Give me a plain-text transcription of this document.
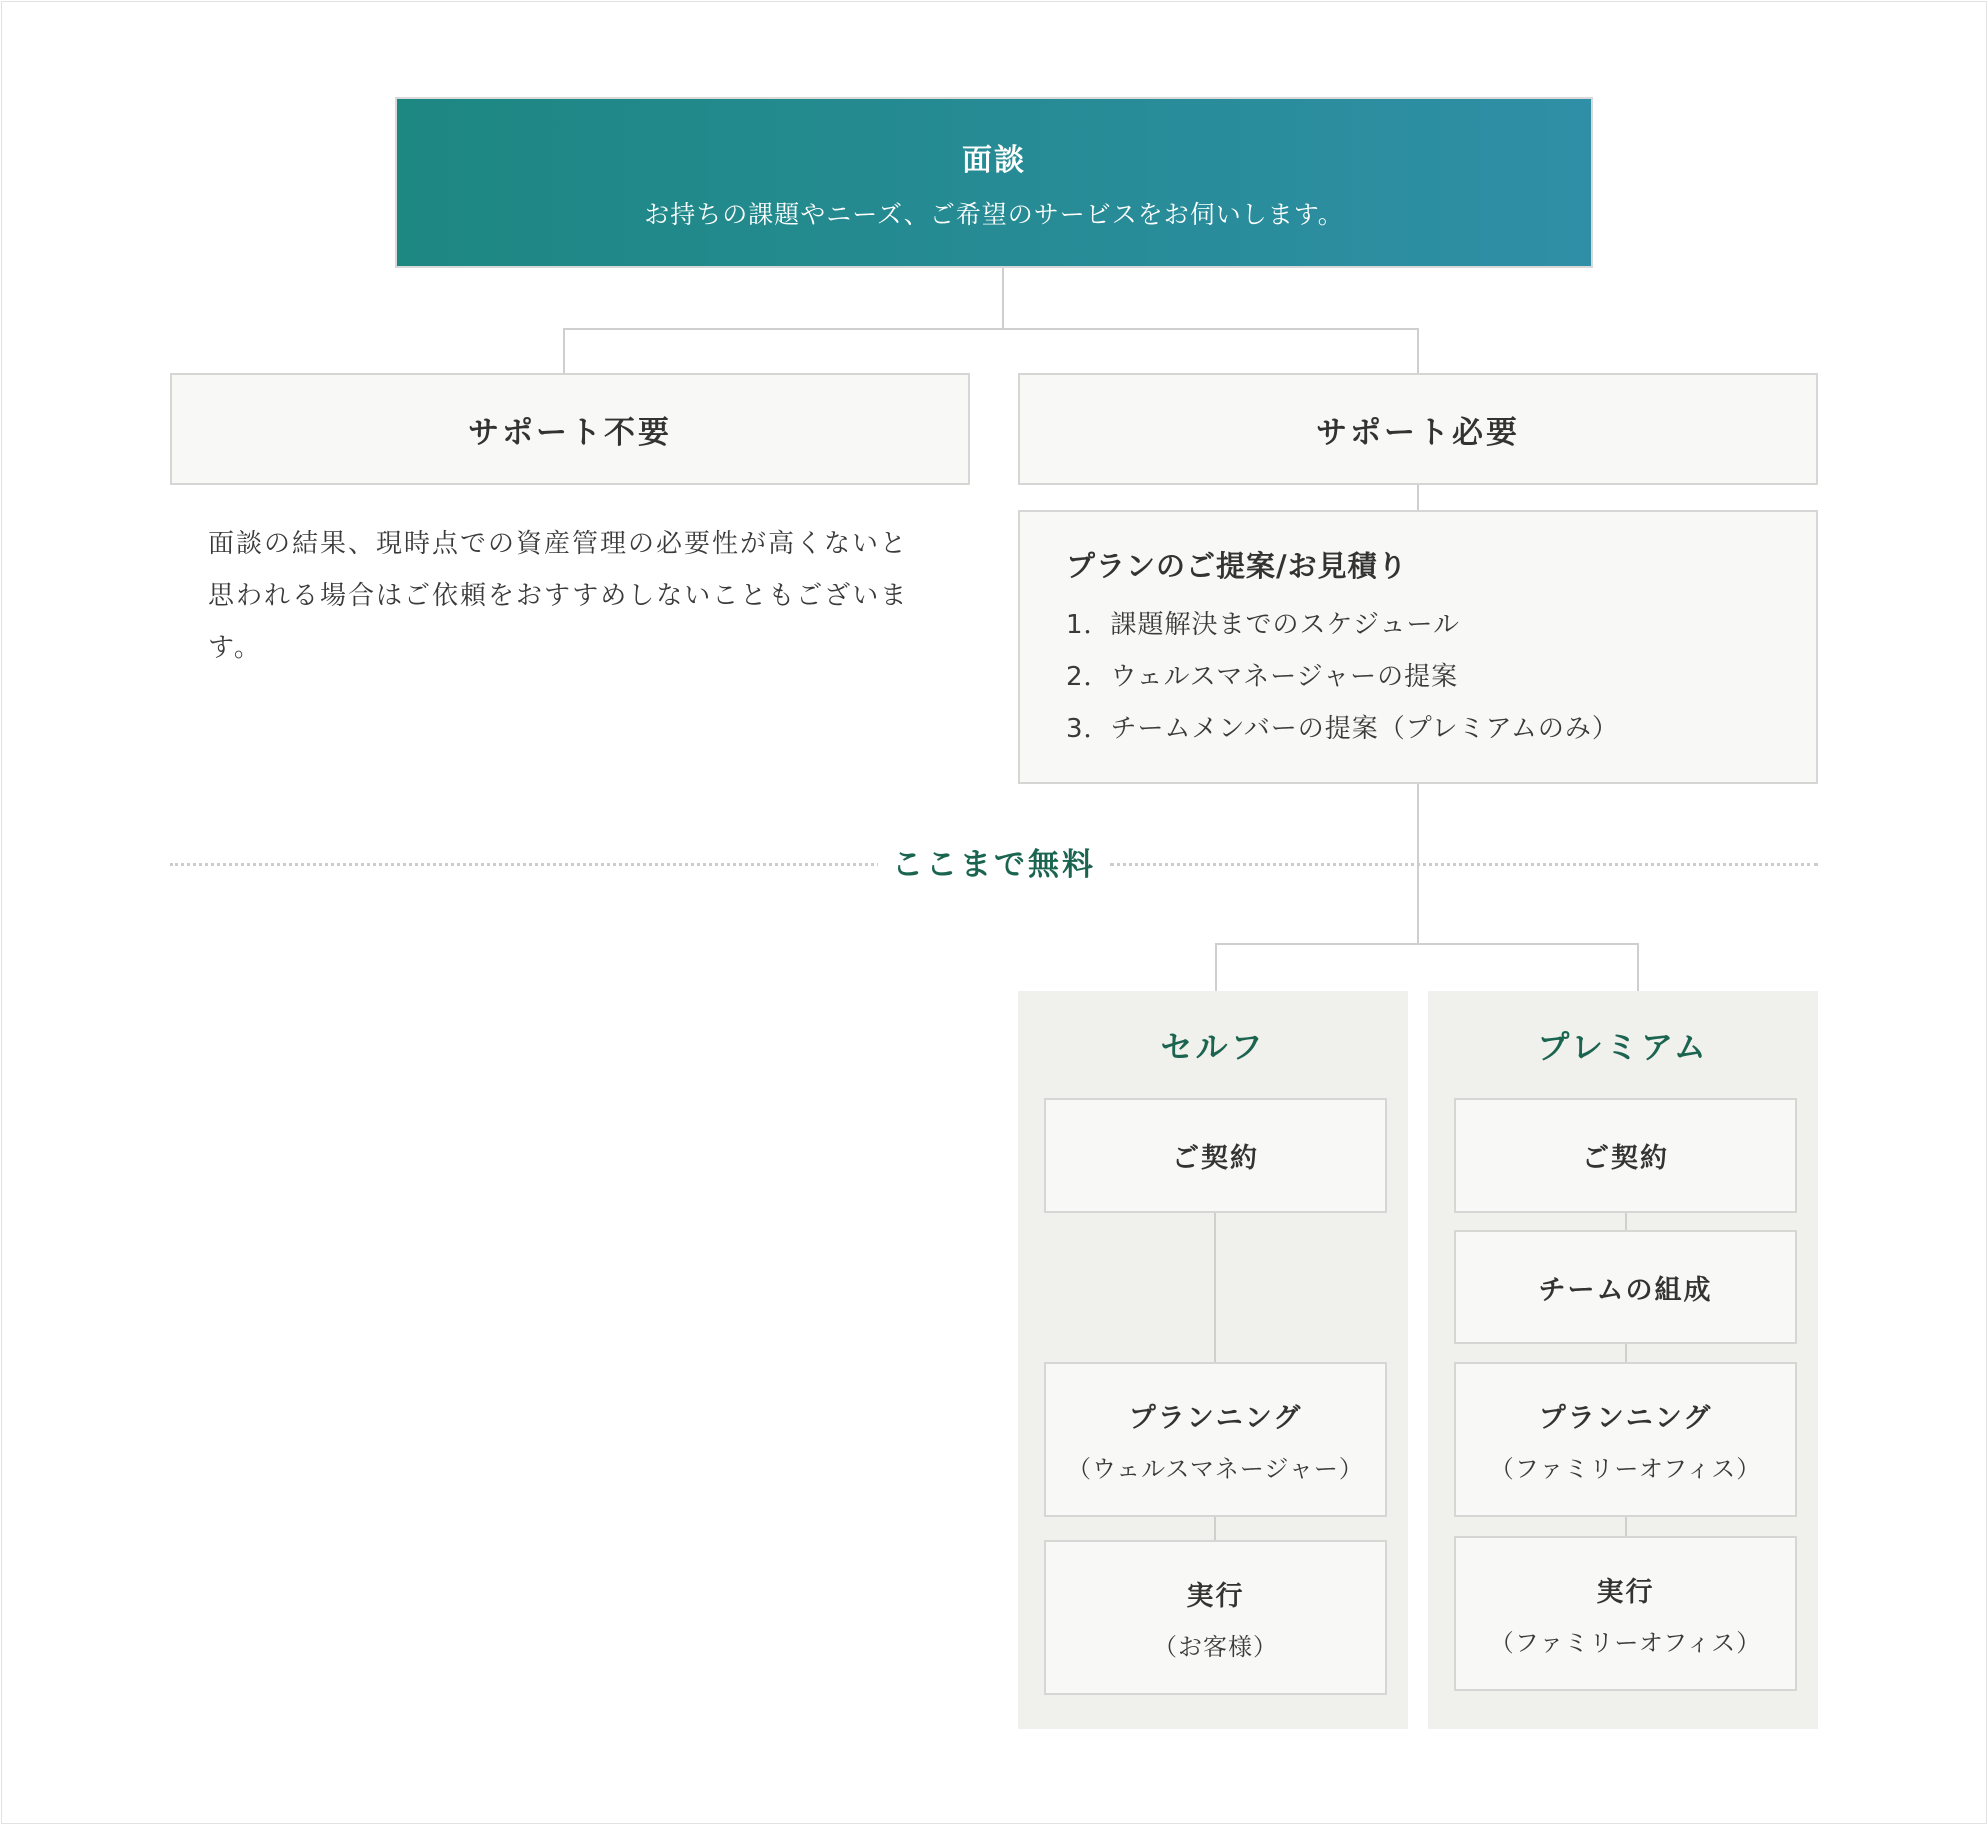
面談
お持ちの課題やニーズ、ご希望のサービスをお伺いします。
サポート不要	サポート必要
面談の結果、現時点での資産管理の必要性が高くないと思われる場合はご依頼をおすすめしないこともございます。
プランのご提案/お見積り
1．課題解決までのスケジュール
2．ウェルスマネージャーの提案
3．チームメンバーの提案（プレミアムのみ）
ここまで無料
セルフ
ご契約
プランニング
（ウェルスマネージャー）
実行
（お客様）
プレミアム
ご契約
チームの組成
プランニング
（ファミリーオフィス）
実行
（ファミリーオフィス）
